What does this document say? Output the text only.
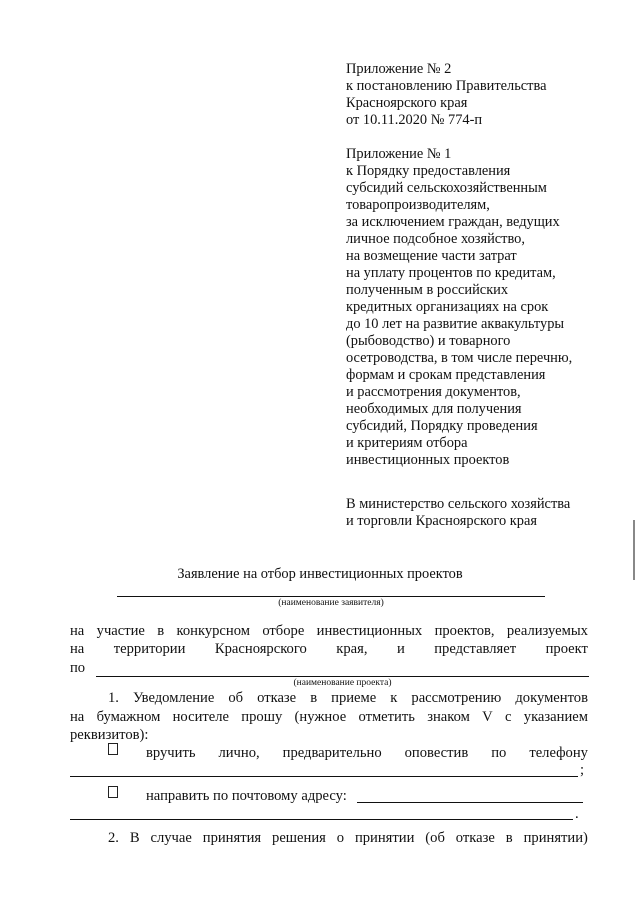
Приложение № 2
к постановлению Правительства
Красноярского края
от 10.11.2020 № 774-п
Приложение № 1
к Порядку предоставления
субсидий сельскохозяйственным
товаропроизводителям,
за исключением граждан, ведущих
личное подсобное хозяйство,
на возмещение части затрат
на уплату процентов по кредитам,
полученным в российских
кредитных организациях на срок
до 10 лет на развитие аквакультуры
(рыбоводство) и товарного
осетроводства, в том числе перечню,
формам и срокам представления
и рассмотрения документов,
необходимых для получения
субсидий, Порядку проведения
и критериям отбора
инвестиционных проектов
В министерство сельского хозяйства
и торговли Красноярского края
Заявление на отбор инвестиционных проектов
(наименование заявителя)
на участие в конкурсном отборе инвестиционных проектов, реализуемых
на территории Красноярского края, и представляет проект
по
(наименование проекта)
1. Уведомление об отказе в приеме к рассмотрению документов
на бумажном носителе прошу (нужное отметить знаком V с указанием
реквизитов):
вручить лично, предварительно оповестив по телефону
;
направить по почтовому адресу:
.
2. В случае принятия решения о принятии (об отказе в принятии)
